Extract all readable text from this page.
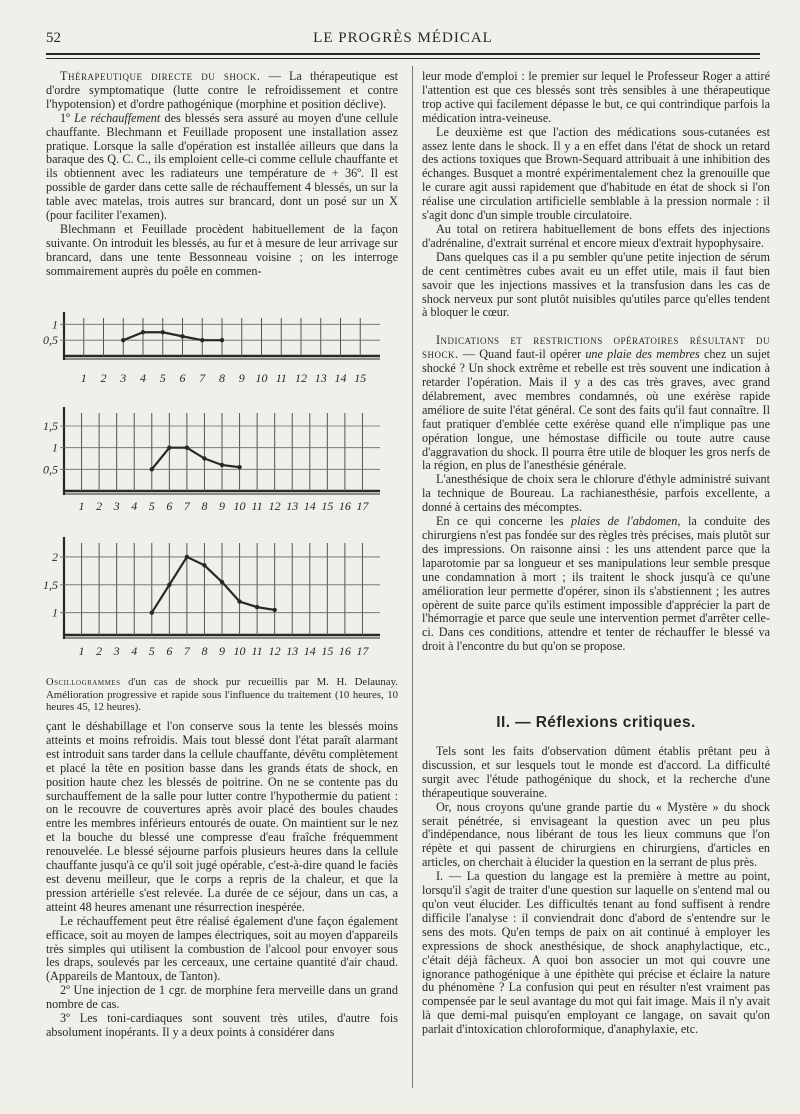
52	LE PROGRÈS MÉDICAL

Thérapeutique directe du shock. — La thérapeutique est d'ordre symptomatique (lutte contre le refroidissement et contre l'hypotension) et d'ordre pathogénique (morphine et position déclive).

1º Le réchauffement des blessés sera assuré au moyen d'une cellule chauffante. Blechmann et Feuillade proposent une installation assez pratique. Lorsque la salle d'opération est installée ailleurs que dans la baraque des Q. C. C., ils emploient celle-ci comme cellule chauffante et ils obtiennent avec les radiateurs une température de + 36º. Il est possible de garder dans cette salle de réchauffement 4 blessés, un sur la table avec matelas, trois autres sur brancard, dont un posé sur un X (pour faciliter l'examen).

Blechmann et Feuillade procèdent habituellement de la façon suivante. On introduit les blessés, au fur et à mesure de leur arrivage sur brancard, dans une tente Bessonneau voisine ; on les interroge sommairement auprès du poêle en commen-

1
0,5
1 2 3 4 5 6 7 8 9 10 11 12 13 14 15
1,5
1
0,5
1 2 3 4 5 6 7 8 9 10 11 12 13 14 15 16 17
2
1,5
1
1 2 3 4 5 6 7 8 9 10 11 12 13 14 15 16 17
Oscillogrammes d'un cas de shock pur recueillis par M. H. Delaunay. Amélioration progressive et rapide sous l'influence du traitement (10 heures, 10 heures 45, 12 heures).

çant le déshabillage et l'on conserve sous la tente les blessés moins atteints et moins refroidis. Mais tout blessé dont l'état paraît alarmant est introduit sans tarder dans la cellule chauffante, dévêtu complètement et placé la tête en position basse dans les grands états de shock, en position haute chez les blessés de poitrine. On ne se contente pas du surchauffement de la salle pour lutter contre l'hypothermie du patient : on le recouvre de couvertures après avoir placé des boules chaudes entre les membres inférieurs entourés de ouate. On maintient sur le nez et la bouche du blessé une compresse d'eau fraîche fréquemment renouvelée. Le blessé séjourne parfois plusieurs heures dans la cellule chauffante jusqu'à ce qu'il soit jugé opérable, c'est-à-dire quand le faciès est devenu meilleur, que le corps a repris de la chaleur, et que la pression artérielle s'est relevée. La durée de ce séjour, dans un cas, a atteint 48 heures amenant une résurrection inespérée.

Le réchauffement peut être réalisé également d'une façon également efficace, soit au moyen de lampes électriques, soit au moyen d'appareils très simples qui utilisent la combustion de l'alcool pour envoyer sous les draps, soulevés par les cerceaux, une certaine quantité d'air chaud. (Appareils de Mantoux, de Tanton).

2º Une injection de 1 cgr. de morphine fera merveille dans un grand nombre de cas.

3º Les toni-cardiaques sont souvent très utiles, d'autre fois absolument inopérants. Il y a deux points à considérer dans

leur mode d'emploi : le premier sur lequel le Professeur Roger a attiré l'attention est que ces blessés sont très sensibles à une thérapeutique trop active qui facilement dépasse le but, ce qui contrindique parfois la médication intra-veineuse.

Le deuxième est que l'action des médications sous-cutanées est assez lente dans le shock. Il y a en effet dans l'état de shock un retard des actions toxiques que Brown-Sequard attribuait à une inhibition des échanges. Busquet a montré expérimentalement chez la grenouille que le curare agit aussi rapidement que d'habitude en état de shock si l'on réalise une circulation artificielle semblable à la pression normale : il s'agit donc d'un simple trouble circulatoire.

Au total on retirera habituellement de bons effets des injections d'adrénaline, d'extrait surrénal et encore mieux d'extrait hypophysaire.

Dans quelques cas il a pu sembler qu'une petite injection de sérum de cent centimètres cubes avait eu un effet utile, mais il faut bien savoir que les injections massives et la transfusion dans les cas de shock nerveux pur sont plutôt nuisibles qu'utiles parce qu'elles tendent à bloquer le cœur.

Indications et restrictions opératoires résultant du shock. — Quand faut-il opérer une plaie des membres chez un sujet shocké ? Un shock extrême et rebelle est très souvent une indication à retarder l'opération. Mais il y a des cas très graves, avec grand délabrement, avec membres condamnés, où une exérèse rapide améliore de suite l'état général. Ce sont des faits qu'il faut connaître. Il faut pratiquer d'emblée cette exérèse quand elle n'implique pas une opération longue, une hémostase difficile ou toute autre cause d'aggravation du shock. Il pourra être utile de bloquer les gros nerfs de la région, en plus de l'anesthésie générale.

L'anesthésique de choix sera le chlorure d'éthyle administré suivant la technique de Boureau. La rachianesthésie, parfois excellente, a donné à certains des mécomptes.

En ce qui concerne les plaies de l'abdomen, la conduite des chirurgiens n'est pas fondée sur des règles très précises, mais plutôt sur des impressions. On raisonne ainsi : les uns attendent parce que la laparotomie par sa longueur et ses manipulations leur semble presque une condamnation à mort ; ils traitent le shock jusqu'à ce qu'une amélioration leur permette d'opérer, sinon ils s'abstiennent ; les autres opèrent de suite parce qu'ils estiment impossible d'apprécier la part de l'hémorragie et parce que seule une intervention permet d'arrêter celle-ci. Dans ces conditions, attendre et tenter de réchauffer le blessé va droit à l'encontre du but qu'on se propose.

II. — Réflexions critiques.

Tels sont les faits d'observation dûment établis prêtant peu à discussion, et sur lesquels tout le monde est d'accord. La difficulté surgit avec l'étude pathogénique du shock, et la recherche d'une thérapeutique souveraine.

Or, nous croyons qu'une grande partie du « Mystère » du shock serait pénétrée, si envisageant la question avec un peu plus d'indépendance, nous libérant de tous les lieux communs que l'on répète et qui passent de chirurgiens en chirurgiens, d'articles en articles, on cherchait à élucider la question en la serrant de plus près.

I. — La question du langage est la première à mettre au point, lorsqu'il s'agit de traiter d'une question sur laquelle on s'entend mal ou qu'on veut élucider. Les difficultés tenant au fond suffisent à rendre difficile l'analyse : il conviendrait donc d'abord de s'entendre sur le sens des mots. Qu'en temps de paix on ait continué à employer les expressions de shock anesthésique, de shock anaphylactique, etc., c'était déjà fâcheux. A quoi bon associer un mot qui couvre une ignorance pathogénique à une épithète qui précise et éclaire la nature du phénomène ? La confusion qui peut en résulter n'est vraiment pas compensée par le seul avantage du mot qui fait image. Mais il n'y avait là que demi-mal puisqu'en employant ce langage, on savait qu'on parlait d'intoxication chloroformique, d'anaphylaxie, etc.
